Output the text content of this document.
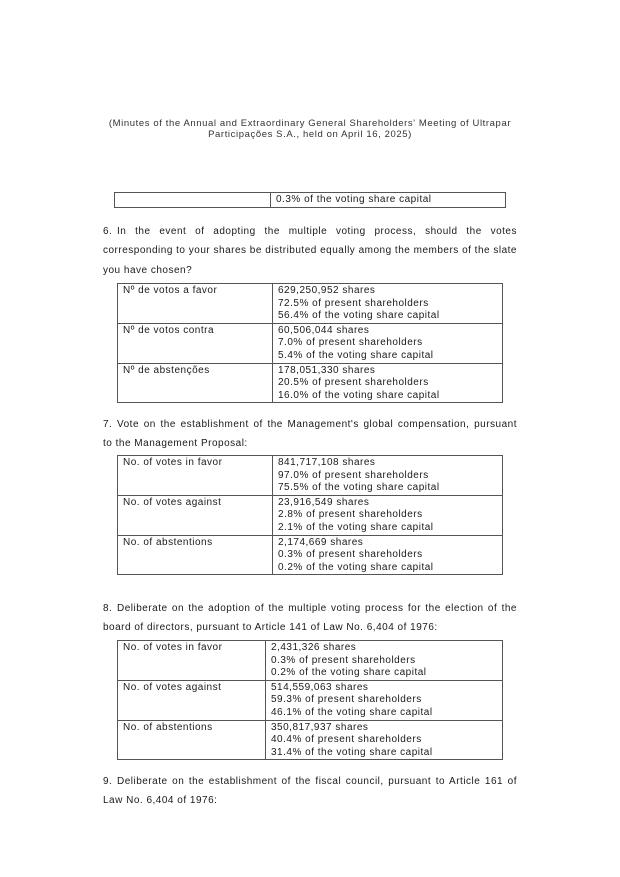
(Minutes of the Annual and Extraordinary General Shareholders' Meeting of Ultrapar
Participações S.A., held on April 16, 2025)

0.3% of the voting share capital
6. In the event of adopting the multiple voting process, should the votes corresponding to your shares be distributed equally among the members of the slate you have chosen?
Nº de votos a favor	629,250,952 shares
72.5% of present shareholders
56.4% of the voting share capital

Nº de votos contra	60,506,044 shares
7.0% of present shareholders
5.4% of the voting share capital

Nº de abstenções	178,051,330 shares
20.5% of present shareholders
16.0% of the voting share capital
7. Vote on the establishment of the Management's global compensation, pursuant to the Management Proposal:
No. of votes in favor	841,717,108 shares
97.0% of present shareholders
75.5% of the voting share capital

No. of votes against	23,916,549 shares
2.8% of present shareholders
2.1% of the voting share capital

No. of abstentions	2,174,669 shares
0.3% of present shareholders
0.2% of the voting share capital
8. Deliberate on the adoption of the multiple voting process for the election of the board of directors, pursuant to Article 141 of Law No. 6,404 of 1976:
No. of votes in favor	2,431,326 shares
0.3% of present shareholders
0.2% of the voting share capital

No. of votes against	514,559,063 shares
59.3% of present shareholders
46.1% of the voting share capital

No. of abstentions	350,817,937 shares
40.4% of present shareholders
31.4% of the voting share capital
9. Deliberate on the establishment of the fiscal council, pursuant to Article 161 of Law No. 6,404 of 1976:
